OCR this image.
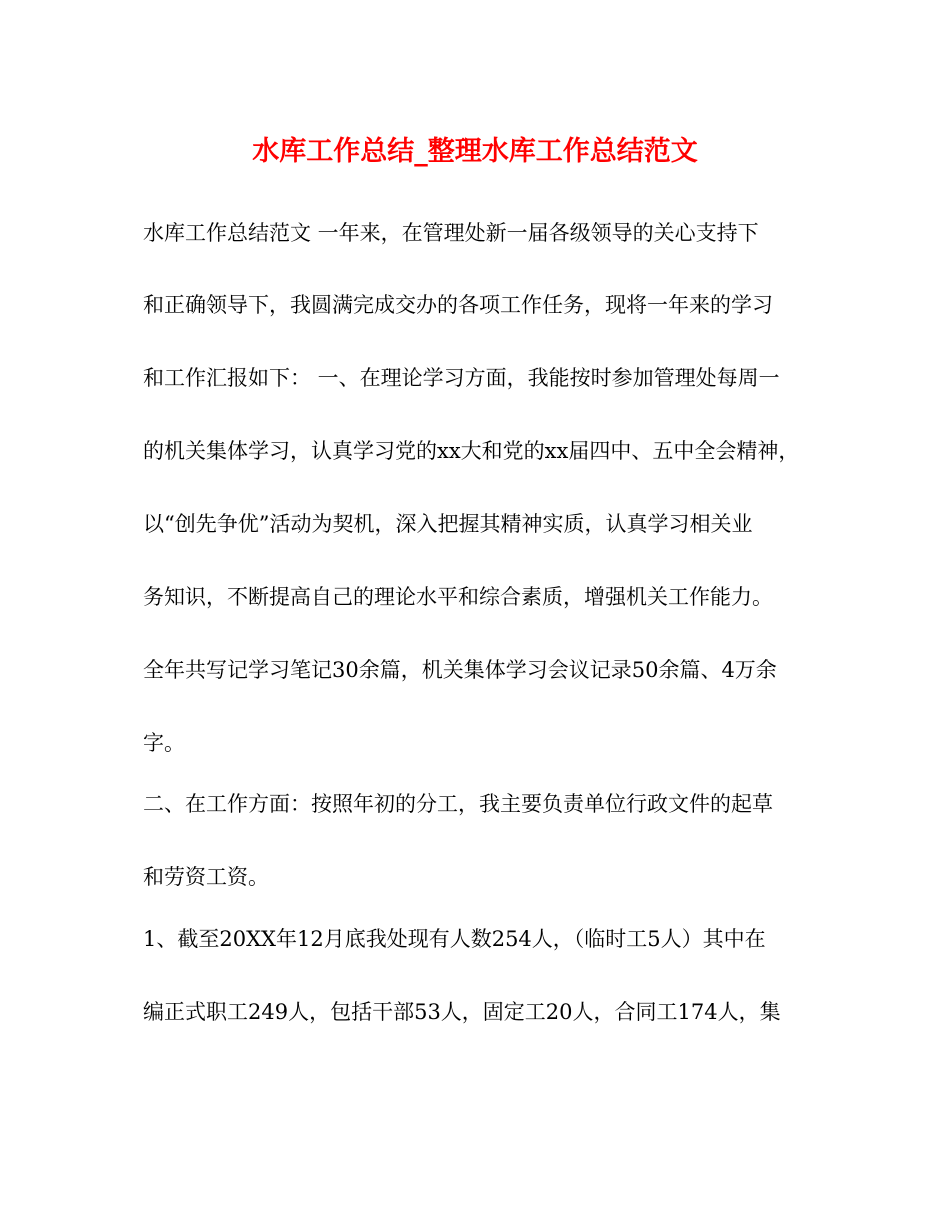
水库工作总结_整理水库工作总结范文

水库工作总结范文 一年来，在管理处新一届各级领导的关心支持下

和正确领导下，我圆满完成交办的各项工作任务，现将一年来的学习

和工作汇报如下： 一、在理论学习方面，我能按时参加管理处每周一

的机关集体学习，认真学习党的xx大和党的xx届四中、五中全会精神，

以“创先争优”活动为契机，深入把握其精神实质，认真学习相关业

务知识，不断提高自己的理论水平和综合素质，增强机关工作能力。

全年共写记学习笔记30余篇，机关集体学习会议记录50余篇、4万余

字。

二、在工作方面：按照年初的分工，我主要负责单位行政文件的起草

和劳资工资。

1、截至20XX年12月底我处现有人数254人，（临时工5人）其中在

编正式职工249人，包括干部53人，固定工20人，合同工174人，集
